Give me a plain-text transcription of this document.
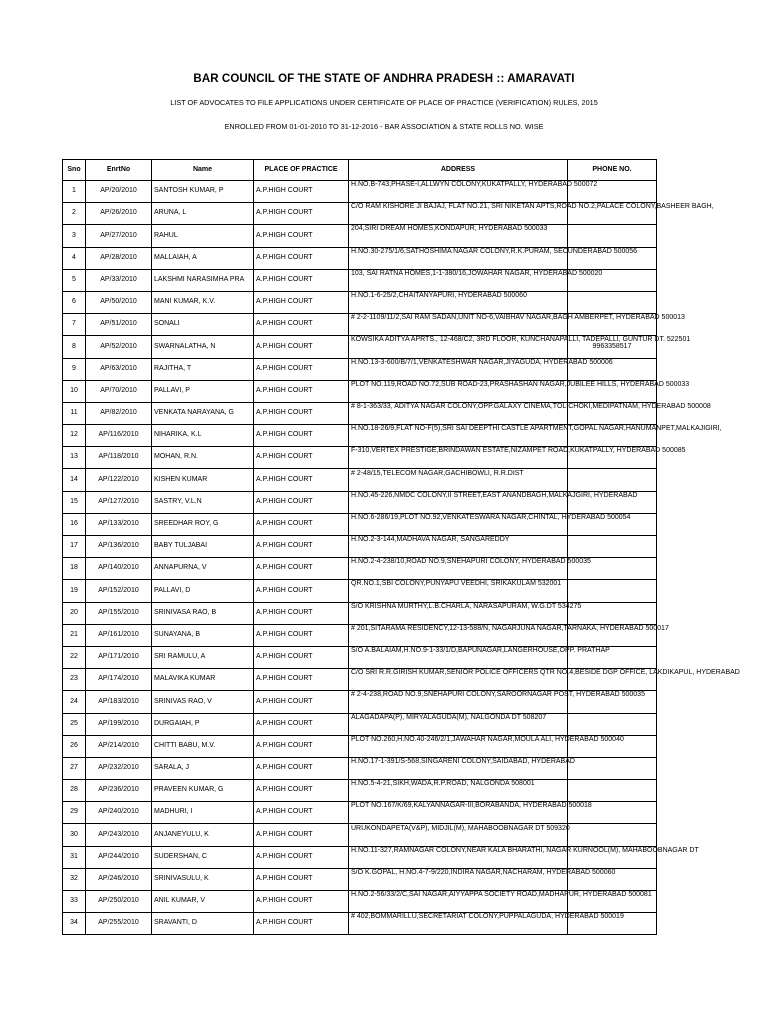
BAR COUNCIL OF THE STATE OF ANDHRA PRADESH :: AMARAVATI
LIST OF ADVOCATES TO FILE APPLICATIONS UNDER CERTIFICATE OF PLACE OF PRACTICE (VERIFICATION) RULES, 2015
ENROLLED FROM 01-01-2010 TO 31-12-2016 - BAR ASSOCIATION & STATE ROLLS NO. WISE
Sno	EnrtNo	Name	PLACE OF PRACTICE	ADDRESS	PHONE NO.
1	AP/20/2010	SANTOSH KUMAR, P	A.P.HIGH COURT	H.NO.B-743,PHASE-I,ALLWYN COLONY,KUKATPALLY, HYDERABAD 500072	

2	AP/26/2010	ARUNA, L	A.P.HIGH COURT	C/O RAM KISHORE JI BAJAJ, FLAT NO.21, SRI NIKETAN APTS,ROAD NO.2,PALACE COLONY,BASHEER BAGH,	

3	AP/27/2010	RAHUL	A.P.HIGH COURT	204,SIRI DREAM HOMES,KONDAPUR, HYDERABAD 500033	

4	AP/28/2010	MALLAIAH, A	A.P.HIGH COURT	H.NO.30-275/1/6,SATHOSHIMA NAGAR COLONY,R.K.PURAM, SECUNDERABAD 500056	

5	AP/33/2010	LAKSHMI NARASIMHA PRA	A.P.HIGH COURT	103, SAI RATNA HOMES,1-1-380/16,JOWAHAR NAGAR, HYDERABAD 500020	

6	AP/50/2010	MANI KUMAR, K.V.	A.P.HIGH COURT	H.NO.1-6-25/2,CHAITANYAPURI, HYDERABAD 500060	

7	AP/51/2010	SONALI	A.P.HIGH COURT	# 2-2-1109/11/2,SAI RAM SADAN,UNIT NO-6,VAIBHAV NAGAR,BAGH AMBERPET, HYDERABAD 500013	

8	AP/52/2010	SWARNALATHA, N	A.P.HIGH COURT	KOWSIKA ADITYA APRTS., 12-468/C2, 3RD FLOOR, KUNCHANAPALLI, TADEPALLI, GUNTUR DT. 522501	9963358517
9	AP/63/2010	RAJITHA, T	A.P.HIGH COURT	H.NO.13-3-600/B/7/1,VENKATESHWAR NAGAR,JIYAGUDA, HYDERABAD 500006	

10	AP/70/2010	PALLAVI, P	A.P.HIGH COURT	PLOT NO.119,ROAD NO.72,SUB ROAD-23,PRASHASHAN NAGAR,JUBILEE HILLS, HYDERABAD 500033	

11	AP/82/2010	VENKATA NARAYANA, G	A.P.HIGH COURT	# 8-1-363/33, ADITYA NAGAR COLONY,OPP.GALAXY CINEMA,TOLICHOKI,MEDIPATNAM, HYDERABAD 500008	

12	AP/116/2010	NIHARIKA, K.L	A.P.HIGH COURT	H.NO.18-26/9,FLAT NO-F(5),SRI SAI DEEPTHI CASTLE APARTMENT,GOPAL NAGAR,HANUMANPET,MALKAJIGIRI,	

13	AP/118/2010	MOHAN, R.N.	A.P.HIGH COURT	F-310,VERTEX PRESTIGE,BRINDAWAN ESTATE,NIZAMPET ROAD,KUKATPALLY, HYDERABAD 500085	

14	AP/122/2010	KISHEN KUMAR	A.P.HIGH COURT	# 2-48/15,TELECOM NAGAR,GACHIBOWLI, R.R.DIST	

15	AP/127/2010	SASTRY, V.L.N	A.P.HIGH COURT	H.NO.45-226,NMDC COLONY,II STREET,EAST ANANDBAGH,MALKAJGIRI, HYDERABAD	

16	AP/133/2010	SREEDHAR ROY, G	A.P.HIGH COURT	H.NO.6-286/19,PLOT NO.92,VENKATESWARA NAGAR,CHINTAL, HYDERABAD 500054	

17	AP/136/2010	BABY TULJABAI	A.P.HIGH COURT	H.NO.2-3-144,MADHAVA NAGAR, SANGAREDDY	

18	AP/140/2010	ANNAPURNA, V	A.P.HIGH COURT	H.NO.2-4-238/10,ROAD NO.9,SNEHAPURI COLONY, HYDERABAD 500035	

19	AP/152/2010	PALLAVI, D	A.P.HIGH COURT	QR.NO.1,SBI COLONY,PUNYAPU VEEDHI, SRIKAKULAM 532001	

20	AP/155/2010	SRINIVASA RAO, B	A.P.HIGH COURT	S/O KRISHNA MURTHY,L.B.CHARLA, NARASAPURAM, W.G.DT 534275	

21	AP/161/2010	SUNAYANA, B	A.P.HIGH COURT	# 201,SITARAMA RESIDENCY,12-13-588/N, NAGARJUNA NAGAR,TARNAKA, HYDERABAD 500017	

22	AP/171/2010	SRI RAMULU, A	A.P.HIGH COURT	S/O A.BALAIAM,H.NO.9-1-33/1/D,BAPUNAGAR,LANGERHOUSE,OPP. PRATHAP	

23	AP/174/2010	MALAVIKA KUMAR	A.P.HIGH COURT	C/O SRI R.R.GIRISH KUMAR,SENIOR POLICE OFFICERS QTR NO.4,BESIDE DGP OFFICE, LAKDIKAPUL, HYDERABAD	

24	AP/183/2010	SRINIVAS RAO, V	A.P.HIGH COURT	# 2-4-238,ROAD NO.9,SNEHAPURI COLONY,SAROORNAGAR POST, HYDERABAD 500035	

25	AP/199/2010	DURGAIAH, P	A.P.HIGH COURT	ALAGADAPA(P), MIRYALAGUDA(M), NALGONDA DT 508207	

26	AP/214/2010	CHITTI BABU, M.V.	A.P.HIGH COURT	PLOT NO.260,H.NO.40-246/2/1,JAWAHAR NAGAR,MOULA ALI, HYDERABAD 500040	

27	AP/232/2010	SARALA, J	A.P.HIGH COURT	H.NO.17-1-391/S-568,SINGARENI COLONY,SAIDABAD, HYDERABAD	

28	AP/236/2010	PRAVEEN KUMAR, G	A.P.HIGH COURT	H.NO.5-4-21,SIKH,WADA,R.P.ROAD, NALGONDA 508001	

29	AP/240/2010	MADHURI, I	A.P.HIGH COURT	PLOT NO.167/K/69,KALYANNAGAR-III,BORABANDA, HYDERABAD 500018	

30	AP/243/2010	ANJANEYULU, K	A.P.HIGH COURT	URUKONDAPETA(V&P), MIDJIL(M), MAHABOOBNAGAR DT 509320	

31	AP/244/2010	SUDERSHAN, C	A.P.HIGH COURT	H.NO.11-327,RAMNAGAR COLONY,NEAR KALA BHARATHI, NAGAR KURNOOL(M), MAHABOOBNAGAR DT	

32	AP/246/2010	SRINIVASULU, K	A.P.HIGH COURT	S/O K.GOPAL, H.NO.4-7-9/220,INDIRA NAGAR,NACHARAM, HYDERABAD 500060	

33	AP/250/2010	ANIL KUMAR, V	A.P.HIGH COURT	H.NO.2-56/33/2/C,SAI NAGAR,AIYYAPPA SOCIETY ROAD,MADHAPUR, HYDERABAD 500081	

34	AP/255/2010	SRAVANTI, D	A.P.HIGH COURT	# 402,BOMMARILLU,SECRETARIAT COLONY,PUPPALAGUDA, HYDERABAD 500019	
